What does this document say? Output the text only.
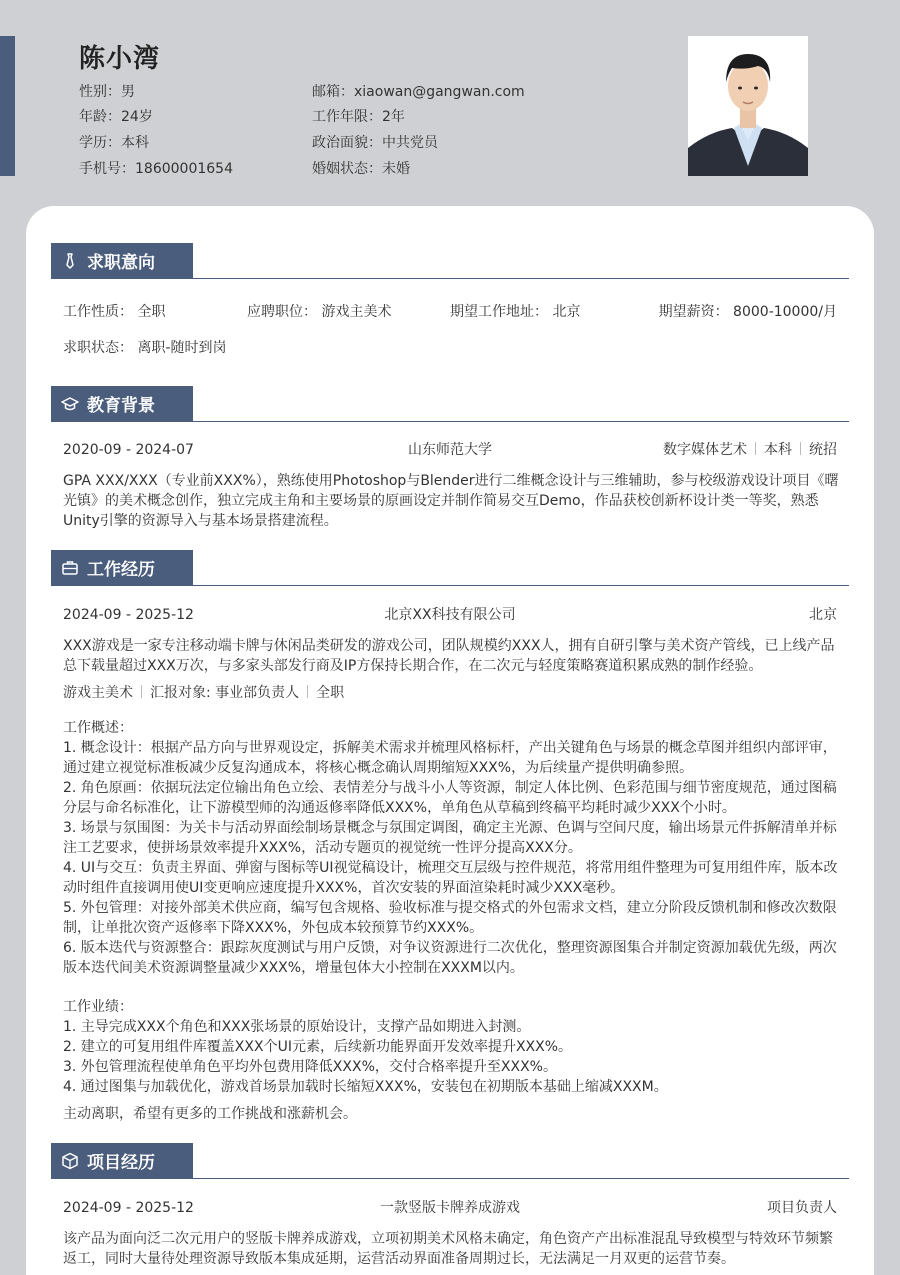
陈小湾
性别：男
年龄：24岁
学历：本科
手机号：18600001654
邮箱：xiaowan@gangwan.com
工作年限：2年
政治面貌：中共党员
婚姻状态：未婚
求职意向
工作性质： 全职	应聘职位： 游戏主美术	期望工作地址： 北京	期望薪资： 8000-10000/月
求职状态： 离职-随时到岗
教育背景
2020-09 - 2024-07	山东师范大学	数字媒体艺术 本科 统招
GPA XXX/XXX（专业前XXX%），熟练使用Photoshop与Blender进行二维概念设计与三维辅助，参与校级游戏设计项目《曙光镇》的美术概念创作，独立完成主角和主要场景的原画设定并制作简易交互Demo，作品获校创新杯设计类一等奖，熟悉Unity引擎的资源导入与基本场景搭建流程。
工作经历
2024-09 - 2025-12	北京XX科技有限公司	北京
XXX游戏是一家专注移动端卡牌与休闲品类研发的游戏公司，团队规模约XXX人，拥有自研引擎与美术资产管线，已上线产品总下载量超过XXX万次，与多家头部发行商及IP方保持长期合作，在二次元与轻度策略赛道积累成熟的制作经验。
游戏主美术 汇报对象: 事业部负责人 全职
工作概述：
1. 概念设计：根据产品方向与世界观设定，拆解美术需求并梳理风格标杆，产出关键角色与场景的概念草图并组织内部评审，通过建立视觉标准板减少反复沟通成本，将核心概念确认周期缩短XXX%，为后续量产提供明确参照。
2. 角色原画：依据玩法定位输出角色立绘、表情差分与战斗小人等资源，制定人体比例、色彩范围与细节密度规范，通过图稿分层与命名标准化，让下游模型师的沟通返修率降低XXX%，单角色从草稿到终稿平均耗时减少XXX个小时。
3. 场景与氛围图：为关卡与活动界面绘制场景概念与氛围定调图，确定主光源、色调与空间尺度，输出场景元件拆解清单并标注工艺要求，使拼场景效率提升XXX%，活动专题页的视觉统一性评分提高XXX分。
4. UI与交互：负责主界面、弹窗与图标等UI视觉稿设计，梳理交互层级与控件规范，将常用组件整理为可复用组件库，版本改动时组件直接调用使UI变更响应速度提升XXX%，首次安装的界面渲染耗时减少XXX毫秒。
5. 外包管理：对接外部美术供应商，编写包含规格、验收标准与提交格式的外包需求文档，建立分阶段反馈机制和修改次数限制，让单批次资产返修率下降XXX%，外包成本较预算节约XXX%。
6. 版本迭代与资源整合：跟踪灰度测试与用户反馈，对争议资源进行二次优化，整理资源图集合并制定资源加载优先级，两次版本迭代间美术资源调整量减少XXX%，增量包体大小控制在XXXM以内。
工作业绩：
1. 主导完成XXX个角色和XXX张场景的原始设计，支撑产品如期进入封测。
2. 建立的可复用组件库覆盖XXX个UI元素，后续新功能界面开发效率提升XXX%。
3. 外包管理流程使单角色平均外包费用降低XXX%，交付合格率提升至XXX%。
4. 通过图集与加载优化，游戏首场景加载时长缩短XXX%，安装包在初期版本基础上缩减XXXM。
主动离职，希望有更多的工作挑战和涨薪机会。
项目经历
2024-09 - 2025-12	一款竖版卡牌养成游戏	项目负责人
该产品为面向泛二次元用户的竖版卡牌养成游戏，立项初期美术风格未确定，角色资产产出标准混乱导致模型与特效环节频繁返工，同时大量待处理资源导致版本集成延期，运营活动界面准备周期过长，无法满足一月双更的运营节奏。
